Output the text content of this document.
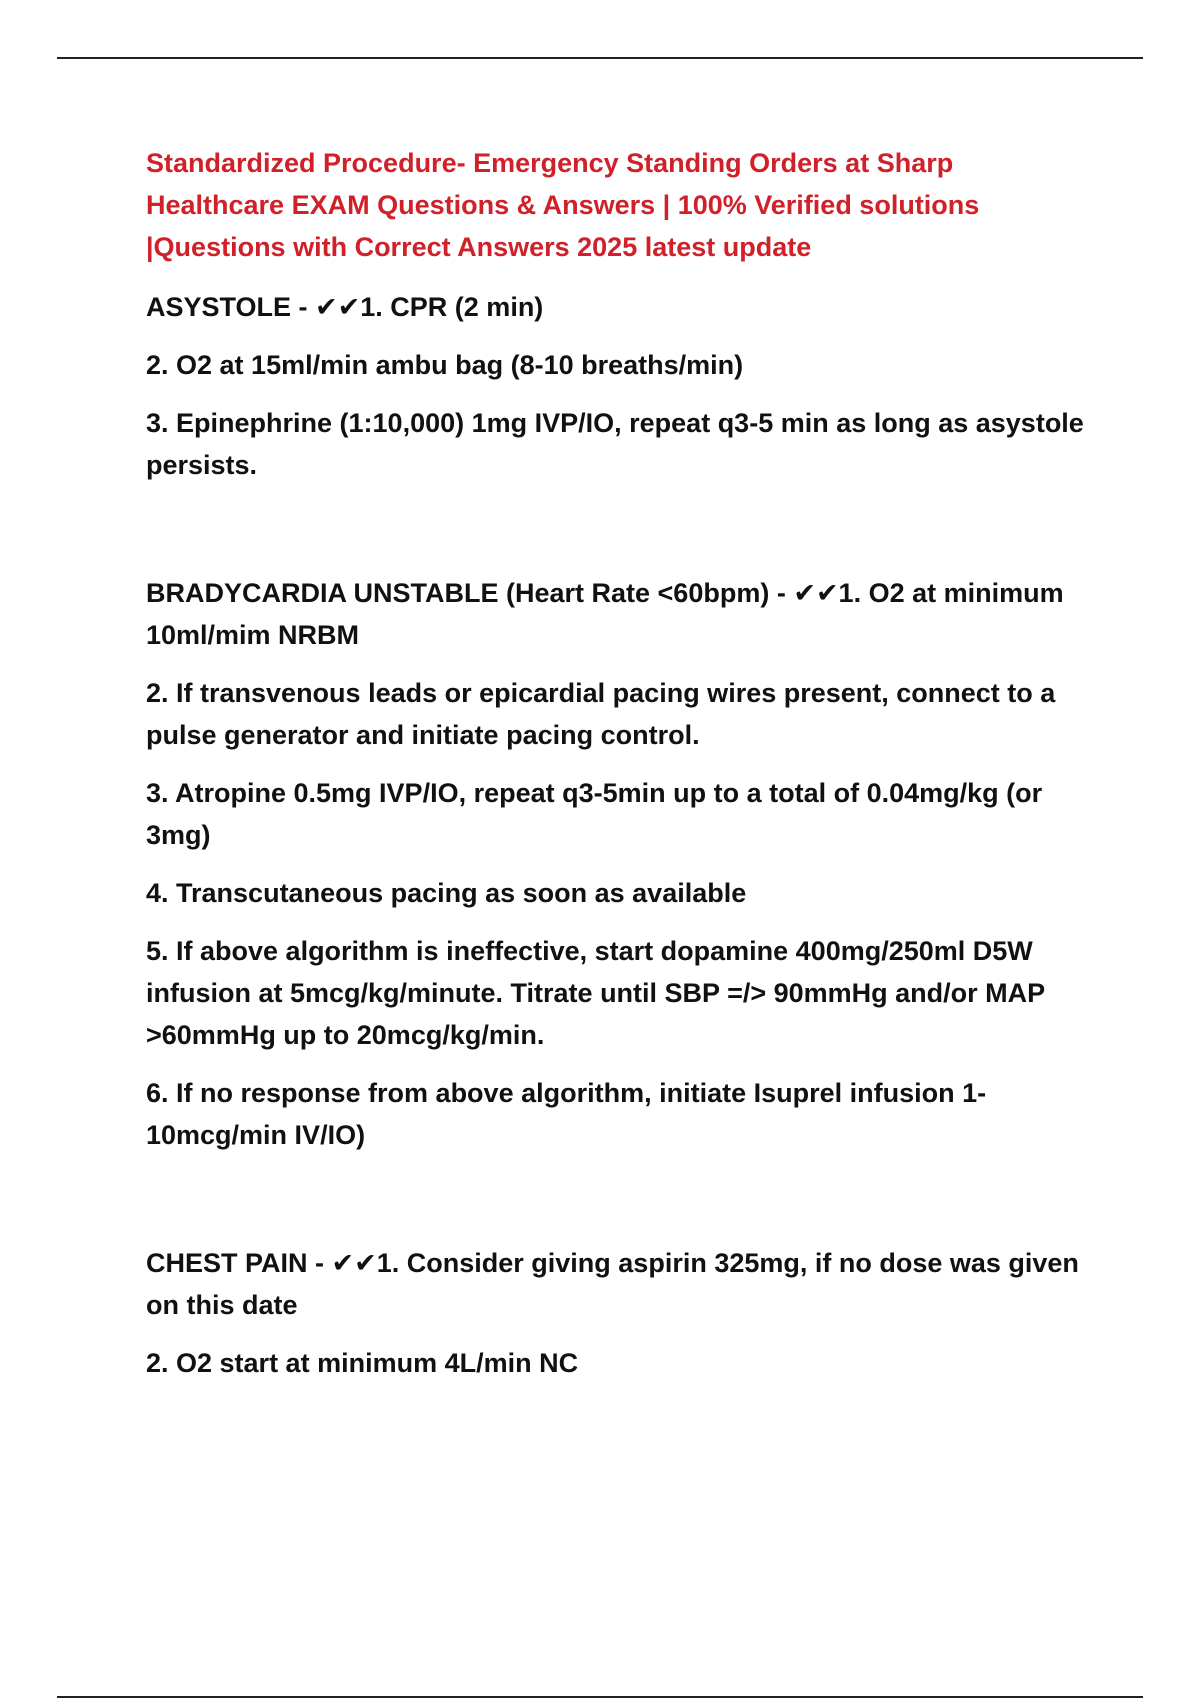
Standardized Procedure- Emergency Standing Orders at Sharp Healthcare EXAM Questions & Answers | 100% Verified solutions |Questions with Correct Answers 2025 latest update

ASYSTOLE - ✔✔1. CPR (2 min)

2. O2 at 15ml/min ambu bag (8-10 breaths/min)

3. Epinephrine (1:10,000) 1mg IVP/IO, repeat q3-5 min as long as asystole persists.

BRADYCARDIA UNSTABLE (Heart Rate <60bpm) - ✔✔1. O2 at minimum 10ml/mim NRBM

2. If transvenous leads or epicardial pacing wires present, connect to a pulse generator and initiate pacing control.

3. Atropine 0.5mg IVP/IO, repeat q3-5min up to a total of 0.04mg/kg (or 3mg)

4. Transcutaneous pacing as soon as available

5. If above algorithm is ineffective, start dopamine 400mg/250ml D5W infusion at 5mcg/kg/minute. Titrate until SBP =/> 90mmHg and/or MAP >60mmHg up to 20mcg/kg/min.

6. If no response from above algorithm, initiate Isuprel infusion 1-10mcg/min IV/IO)

CHEST PAIN - ✔✔1. Consider giving aspirin 325mg, if no dose was given on this date

2. O2 start at minimum 4L/min NC
